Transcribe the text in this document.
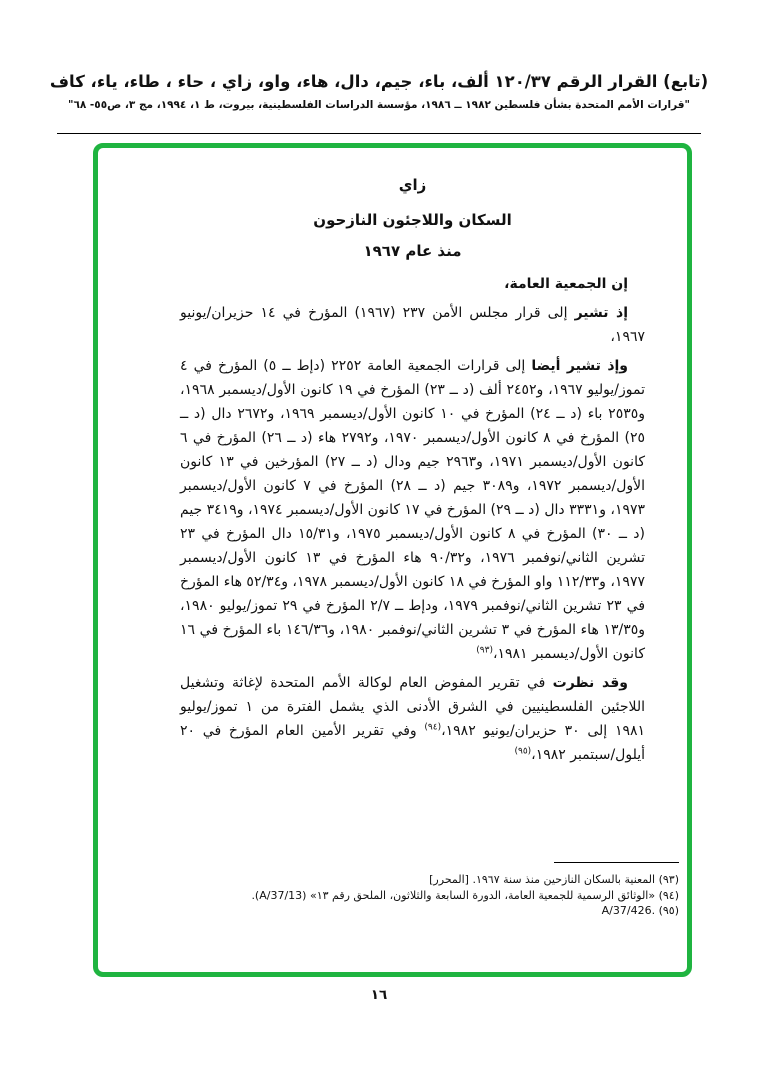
(تابع) القرار الرقم ١٢٠/٣٧ ألف، باء، جيم، دال، هاء، واو، زاي ، حاء ، طاء، ياء، كاف
"قرارات الأمم المتحدة بشأن فلسطين ١٩٨٢ ــ ١٩٨٦، مؤسسة الدراسات الفلسطينية، بيروت، ط ١، ١٩٩٤، مج ٣، ص٥٥- ٦٨"
زاي
السكان واللاجئون النازحون
منذ عام ١٩٦٧
إن الجمعية العامة،
إذ تشير إلى قرار مجلس الأمن ٢٣٧ (١٩٦٧) المؤرخ في ١٤ حزيران/يونيو ١٩٦٧،
وإذ تشير أيضا إلى قرارات الجمعية العامة ٢٢٥٢ (دإط ــ ٥) المؤرخ في ٤ تموز/يوليو ١٩٦٧، و٢٤٥٢ ألف (د ــ ٢٣) المؤرخ في ١٩ كانون الأول/ديسمبر ١٩٦٨، و٢٥٣٥ باء (د ــ ٢٤) المؤرخ في ١٠ كانون الأول/ديسمبر ١٩٦٩، و٢٦٧٢ دال (د ــ ٢٥) المؤرخ في ٨ كانون الأول/ديسمبر ١٩٧٠، و٢٧٩٢ هاء (د ــ ٢٦) المؤرخ في ٦ كانون الأول/ديسمبر ١٩٧١، و٢٩٦٣ جيم ودال (د ــ ٢٧) المؤرخين في ١٣ كانون الأول/ديسمبر ١٩٧٢، و٣٠٨٩ جيم (د ــ ٢٨) المؤرخ في ٧ كانون الأول/ديسمبر ١٩٧٣، و٣٣٣١ دال (د ــ ٢٩) المؤرخ في ١٧ كانون الأول/ديسمبر ١٩٧٤، و٣٤١٩ جيم (د ــ ٣٠) المؤرخ في ٨ كانون الأول/ديسمبر ١٩٧٥، و١٥/٣١ دال المؤرخ في ٢٣ تشرين الثاني/نوفمبر ١٩٧٦، و٩٠/٣٢ هاء المؤرخ في ١٣ كانون الأول/ديسمبر ١٩٧٧، و١١٢/٣٣ واو المؤرخ في ١٨ كانون الأول/ديسمبر ١٩٧٨، و٥٢/٣٤ هاء المؤرخ في ٢٣ تشرين الثاني/نوفمبر ١٩٧٩، ودإط ــ ٢/٧ المؤرخ في ٢٩ تموز/يوليو ١٩٨٠، و١٣/٣٥ هاء المؤرخ في ٣ تشرين الثاني/نوفمبر ١٩٨٠، و١٤٦/٣٦ باء المؤرخ في ١٦ كانون الأول/ديسمبر ١٩٨١،$^{(٩٣)}$
وقد نظرت في تقرير المفوض العام لوكالة الأمم المتحدة لإغاثة وتشغيل اللاجئين الفلسطينيين في الشرق الأدنى الذي يشمل الفترة من ١ تموز/يوليو ١٩٨١ إلى ٣٠ حزيران/يونيو ١٩٨٢،$^{(٩٤)}$ وفي تقرير الأمين العام المؤرخ في ٢٠ أيلول/سبتمبر ١٩٨٢،$^{(٩٥)}$
(٩٣) المعنية بالسكان النازحين منذ سنة ١٩٦٧. [المحرر]
(٩٤) «الوثائق الرسمية للجمعية العامة، الدورة السابعة والثلاثون، الملحق رقم ١٣» (A/37/13).
(٩٥) A/37/426.
١٦
